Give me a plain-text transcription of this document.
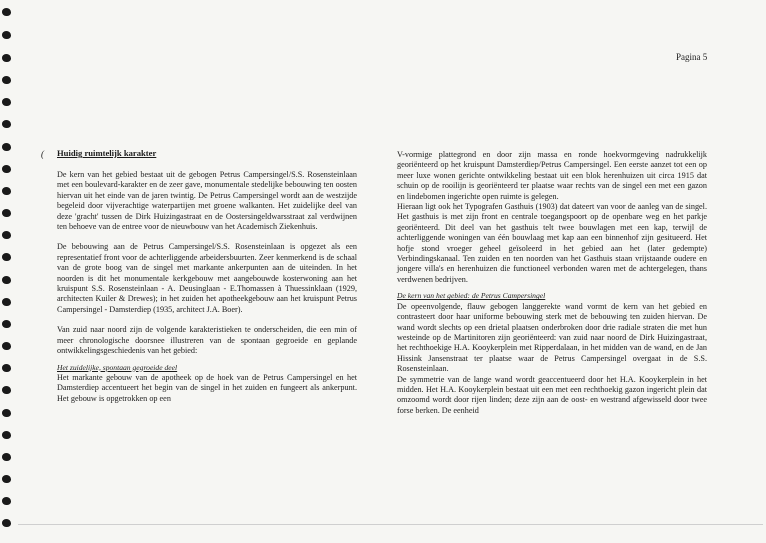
Pagina 5
( Huidig ruimtelijk karakter

De kern van het gebied bestaat uit de gebogen Petrus Campersingel/S.S. Rosensteinlaan met een boulevard-karakter en de zeer gave, monumentale stedelijke bebouwing ten oosten hiervan uit het einde van de jaren twintig. De Petrus Campersingel wordt aan de westzijde begeleid door vijverachtige waterpartijen met groene walkanten. Het zuidelijke deel van deze 'gracht' tussen de Dirk Huizingastraat en de Oostersingeldwarsstraat zal verdwijnen ten behoeve van de entree voor de nieuwbouw van het Academisch Ziekenhuis.

De bebouwing aan de Petrus Campersingel/S.S. Rosensteinlaan is opgezet als een representatief front voor de achterliggende arbeidersbuurten. Zeer kenmerkend is de schaal van de grote boog van de singel met markante ankerpunten aan de uiteinden. In het noorden is dit het monumentale kerkgebouw met aangebouwde kosterwoning aan het kruispunt S.S. Rosensteinlaan - A. Deusinglaan - E.Thomassen à Thuessinklaan (1929, architecten Kuiler & Drewes); in het zuiden het apotheekgebouw aan het kruispunt Petrus Campersingel - Damsterdiep (1935, architect J.A. Boer).

Van zuid naar noord zijn de volgende karakteristieken te onderscheiden, die een min of meer chronologische doorsnee illustreren van de spontaan gegroeide en geplande ontwikkelingsgeschiedenis van het gebied:

Het zuidelijke, spontaan gegroeide deel

Het markante gebouw van de apotheek op de hoek van de Petrus Campersingel en het Damsterdiep accentueert het begin van de singel in het zuiden en fungeert als ankerpunt. Het gebouw is opgetrokken op een

V-vormige plattegrond en door zijn massa en ronde hoekvormgeving nadrukkelijk georiënteerd op het kruispunt Damsterdiep/Petrus Campersingel. Een eerste aanzet tot een op meer luxe wonen gerichte ontwikkeling bestaat uit een blok herenhuizen uit circa 1915 dat schuin op de rooilijn is georiënteerd ter plaatse waar rechts van de singel een met een gazon en lindebomen ingerichte open ruimte is gelegen.

Hieraan ligt ook het Typografen Gasthuis (1903) dat dateert van voor de aanleg van de singel. Het gasthuis is met zijn front en centrale toegangspoort op de openbare weg en het parkje georiënteerd. Dit deel van het gasthuis telt twee bouwlagen met een kap, terwijl de achterliggende woningen van één bouwlaag met kap aan een binnenhof zijn gesitueerd. Het hofje stond vroeger geheel geïsoleerd in het gebied aan het (later gedempte) Verbindingskanaal. Ten zuiden en ten noorden van het Gasthuis staan vrijstaande oudere en jongere villa's en herenhuizen die functioneel verbonden waren met de achtergelegen, thans verdwenen bedrijven.

De kern van het gebied: de Petrus Campersingel

De opeenvolgende, flauw gebogen langgerekte wand vormt de kern van het gebied en contrasteert door haar uniforme bebouwing sterk met de bebouwing ten zuiden hiervan. De wand wordt slechts op een drietal plaatsen onderbroken door drie radiale straten die met hun westeinde op de Martinitoren zijn georiënteerd: van zuid naar noord de Dirk Huizingastraat, het rechthoekige H.A. Kooykerplein met Ripperdalaan, in het midden van de wand, en de Jan Hissink Jansenstraat ter plaatse waar de Petrus Campersingel overgaat in de S.S. Rosensteinlaan.

De symmetrie van de lange wand wordt geaccentueerd door het H.A. Kooykerplein in het midden. Het H.A. Kooykerplein bestaat uit een met een rechthoekig gazon ingericht plein dat omzoomd wordt door rijen linden; deze zijn aan de oost- en westrand afgewisseld door twee forse berken. De eenheid
